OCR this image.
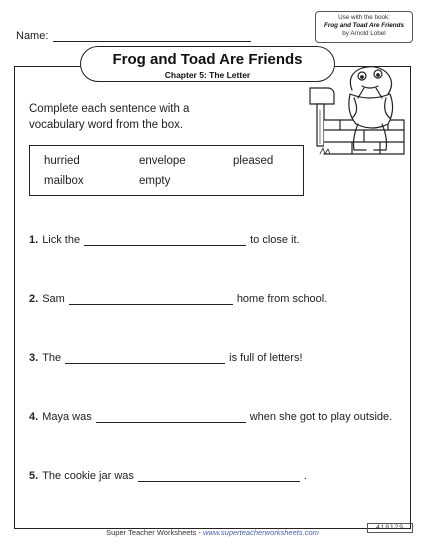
Name:
Use with the book:
Frog and Toad Are Friends
by Arnold Lobel
Frog and Toad Are Friends
Chapter 5: The Letter
Complete each sentence with a vocabulary word from the box.
hurried	envelope	pleased
mailbox	empty
1. Lick the	to close it.
2. Sam	home from school.
3. The	is full of letters!
4. Maya was	when she got to play outside.
5. The cookie jar was	.
Super Teacher Worksheets - www.superteacherworksheets.com
418129
